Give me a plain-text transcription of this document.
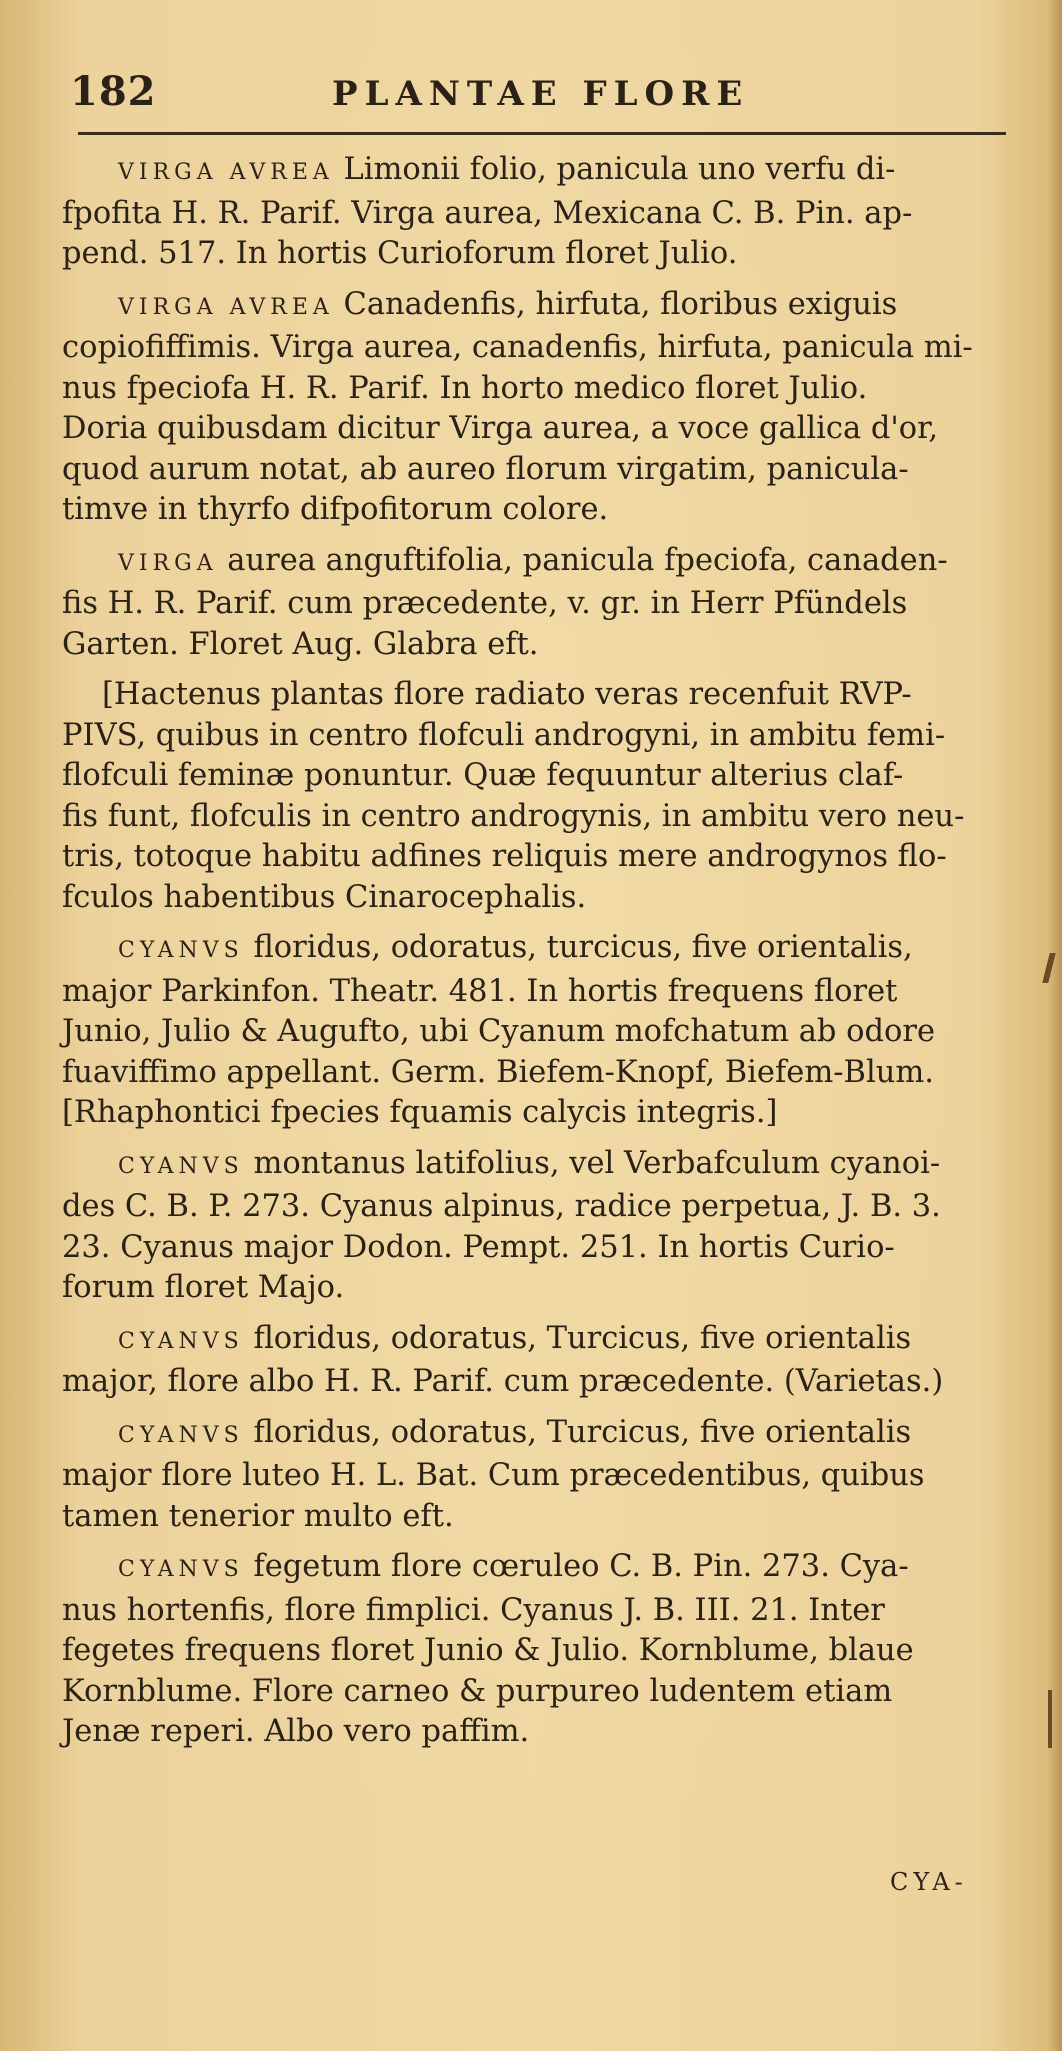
182	PLANTAE FLORE
VIRGA AVREA Limonii folio, panicula uno verfu di-
fpofita H. R. Parif. Virga aurea, Mexicana C. B. Pin. ap-
pend. 517. In hortis Curioforum floret Julio.
VIRGA AVREA Canadenfis, hirfuta, floribus exiguis
copiofiffimis. Virga aurea, canadenfis, hirfuta, panicula mi-
nus fpeciofa H. R. Parif. In horto medico floret Julio.
Doria quibusdam dicitur Virga aurea, a voce gallica d'or,
quod aurum notat, ab aureo florum virgatim, panicula-
timve in thyrfo difpofitorum colore.
VIRGA aurea anguftifolia, panicula fpeciofa, canaden-
fis H. R. Parif. cum præcedente, v. gr. in Herr Pfündels
Garten. Floret Aug. Glabra eft.
[Hactenus plantas flore radiato veras recenfuit RVP-
PIVS, quibus in centro flofculi androgyni, in ambitu femi-
flofculi feminæ ponuntur. Quæ fequuntur alterius claf-
fis funt, flofculis in centro androgynis, in ambitu vero neu-
tris, totoque habitu adfines reliquis mere androgynos flo-
fculos habentibus Cinarocephalis.
CYANVS floridus, odoratus, turcicus, five orientalis,
major Parkinfon. Theatr. 481. In hortis frequens floret
Junio, Julio & Augufto, ubi Cyanum mofchatum ab odore
fuaviffimo appellant. Germ. Biefem-Knopf, Biefem-Blum.
[Rhaphontici fpecies fquamis calycis integris.]
CYANVS montanus latifolius, vel Verbafculum cyanoi-
des C. B. P. 273. Cyanus alpinus, radice perpetua, J. B. 3.
23. Cyanus major Dodon. Pempt. 251. In hortis Curio-
forum floret Majo.
CYANVS floridus, odoratus, Turcicus, five orientalis
major, flore albo H. R. Parif. cum præcedente. (Varietas.)
CYANVS floridus, odoratus, Turcicus, five orientalis
major flore luteo H. L. Bat. Cum præcedentibus, quibus
tamen tenerior multo eft.
CYANVS fegetum flore cœruleo C. B. Pin. 273. Cya-
nus hortenfis, flore fimplici. Cyanus J. B. III. 21. Inter
fegetes frequens floret Junio & Julio. Kornblume, blaue
Kornblume. Flore carneo & purpureo ludentem etiam
Jenæ reperi. Albo vero paffim.
CYA-
